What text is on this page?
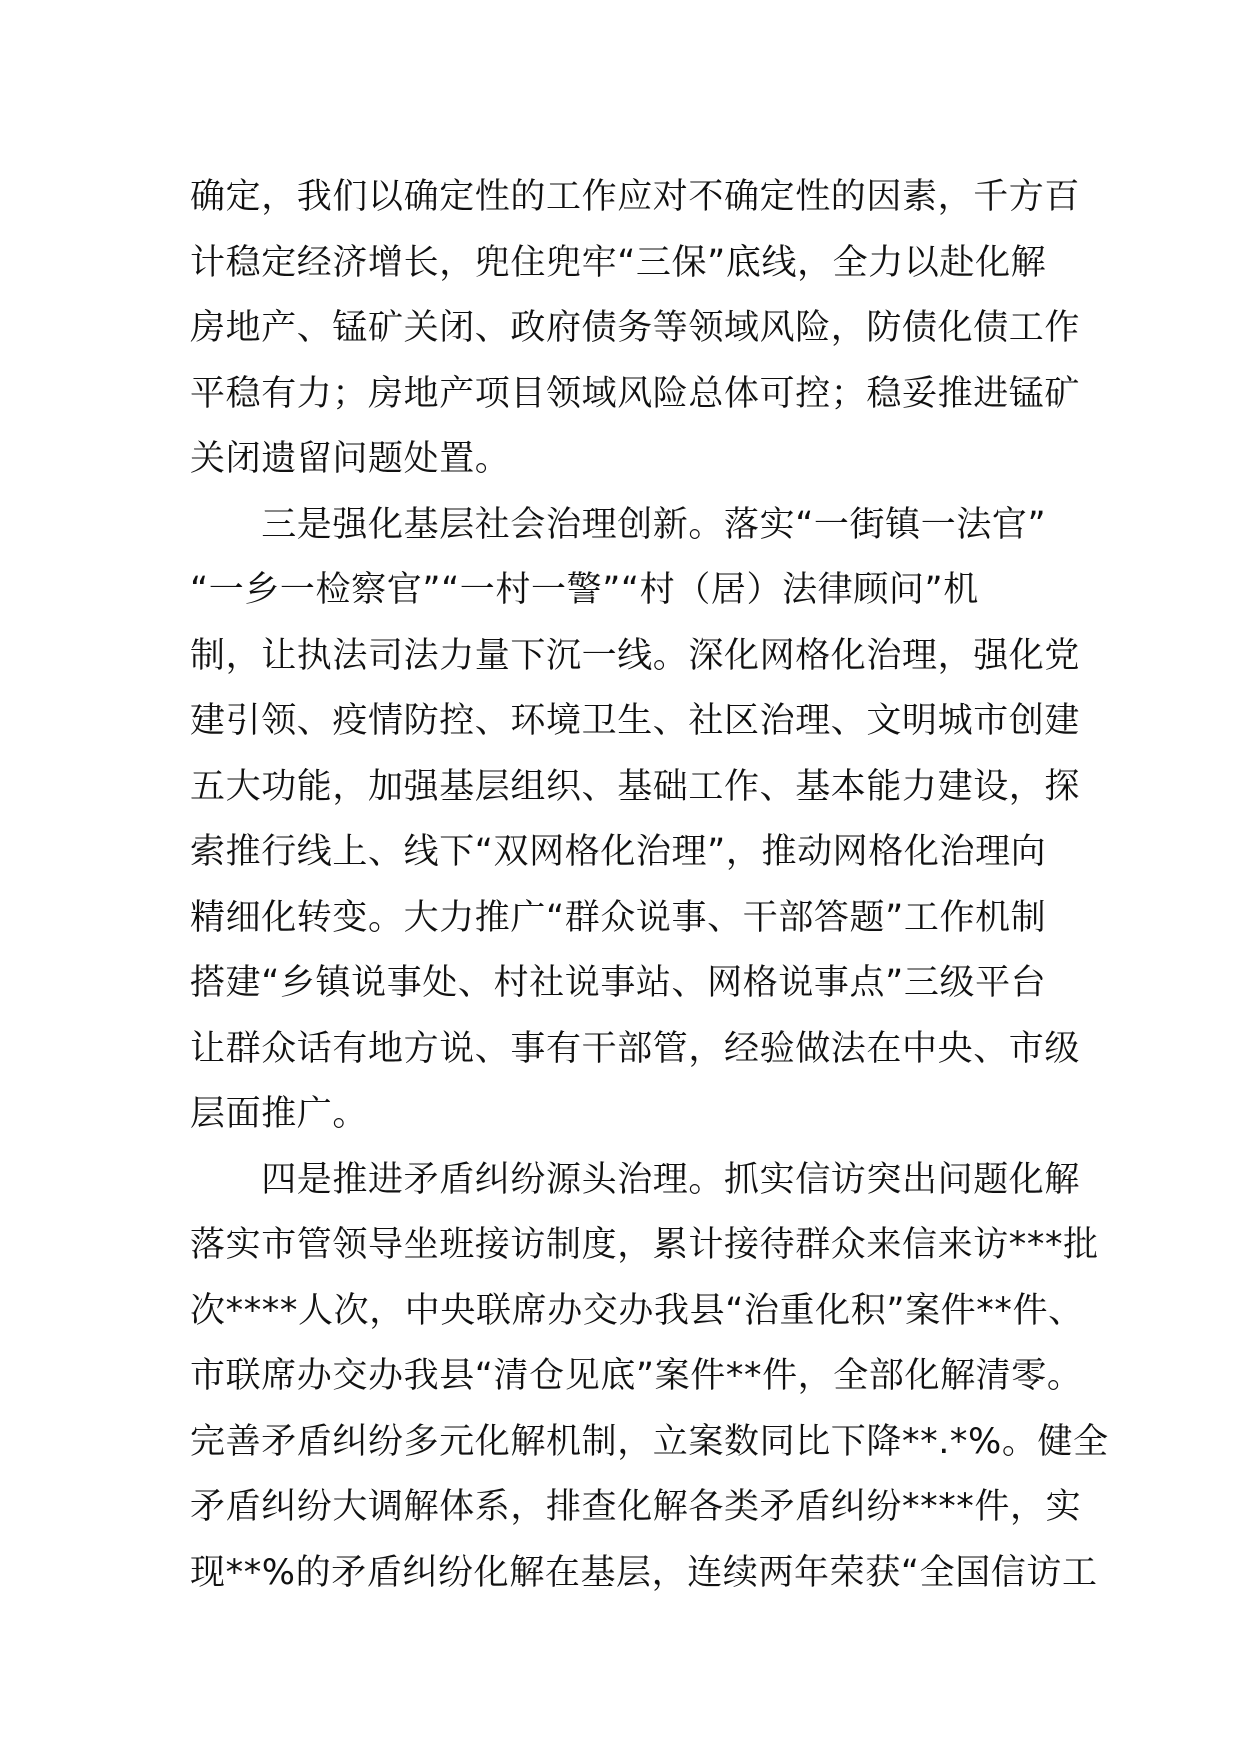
确定，我们以确定性的工作应对不确定性的因素，千方百
计稳定经济增长，兜住兜牢“三保”底线，全力以赴化解
房地产、锰矿关闭、政府债务等领域风险，防债化债工作
平稳有力；房地产项目领域风险总体可控；稳妥推进锰矿
关闭遗留问题处置。
　　三是强化基层社会治理创新。落实“一街镇一法官”
“一乡一检察官”“一村一警”“村（居）法律顾问”机
制，让执法司法力量下沉一线。深化网格化治理，强化党
建引领、疫情防控、环境卫生、社区治理、文明城市创建
五大功能，加强基层组织、基础工作、基本能力建设，探
索推行线上、线下“双网格化治理”，推动网格化治理向
精细化转变。大力推广“群众说事、干部答题”工作机制
搭建“乡镇说事处、村社说事站、网格说事点”三级平台
让群众话有地方说、事有干部管，经验做法在中央、市级
层面推广。
　　四是推进矛盾纠纷源头治理。抓实信访突出问题化解
落实市管领导坐班接访制度，累计接待群众来信来访***批
次****人次，中央联席办交办我县“治重化积”案件**件、
市联席办交办我县“清仓见底”案件**件，全部化解清零。
完善矛盾纠纷多元化解机制，立案数同比下降**.*%。健全
矛盾纠纷大调解体系，排查化解各类矛盾纠纷****件，实
现**%的矛盾纠纷化解在基层，连续两年荣获“全国信访工
